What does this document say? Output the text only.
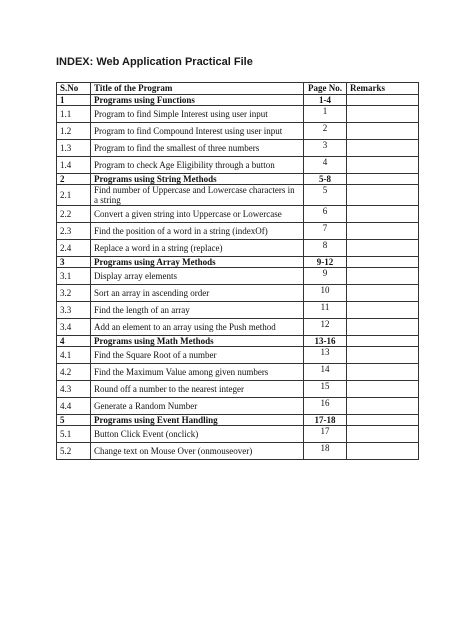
INDEX: Web Application Practical File
S.No	Title of the Program	Page No.	Remarks
1	Programs using Functions	1-4	
1.1	Program to find Simple Interest using user input	1	
1.2	Program to find Compound Interest using user input	2	
1.3	Program to find the smallest of three numbers	3	
1.4	Program to check Age Eligibility through a button	4	
2	Programs using String Methods	5-8	
2.1	Find number of Uppercase and Lowercase characters in a string	5	
2.2	Convert a given string into Uppercase or Lowercase	6	
2.3	Find the position of a word in a string (indexOf)	7	
2.4	Replace a word in a string (replace)	8	
3	Programs using Array Methods	9-12	
3.1	Display array elements	9	
3.2	Sort an array in ascending order	10	
3.3	Find the length of an array	11	
3.4	Add an element to an array using the Push method	12	
4	Programs using Math Methods	13-16	
4.1	Find the Square Root of a number	13	
4.2	Find the Maximum Value among given numbers	14	
4.3	Round off a number to the nearest integer	15	
4.4	Generate a Random Number	16	
5	Programs using Event Handling	17-18	
5.1	Button Click Event (onclick)	17	
5.2	Change text on Mouse Over (onmouseover)	18	
